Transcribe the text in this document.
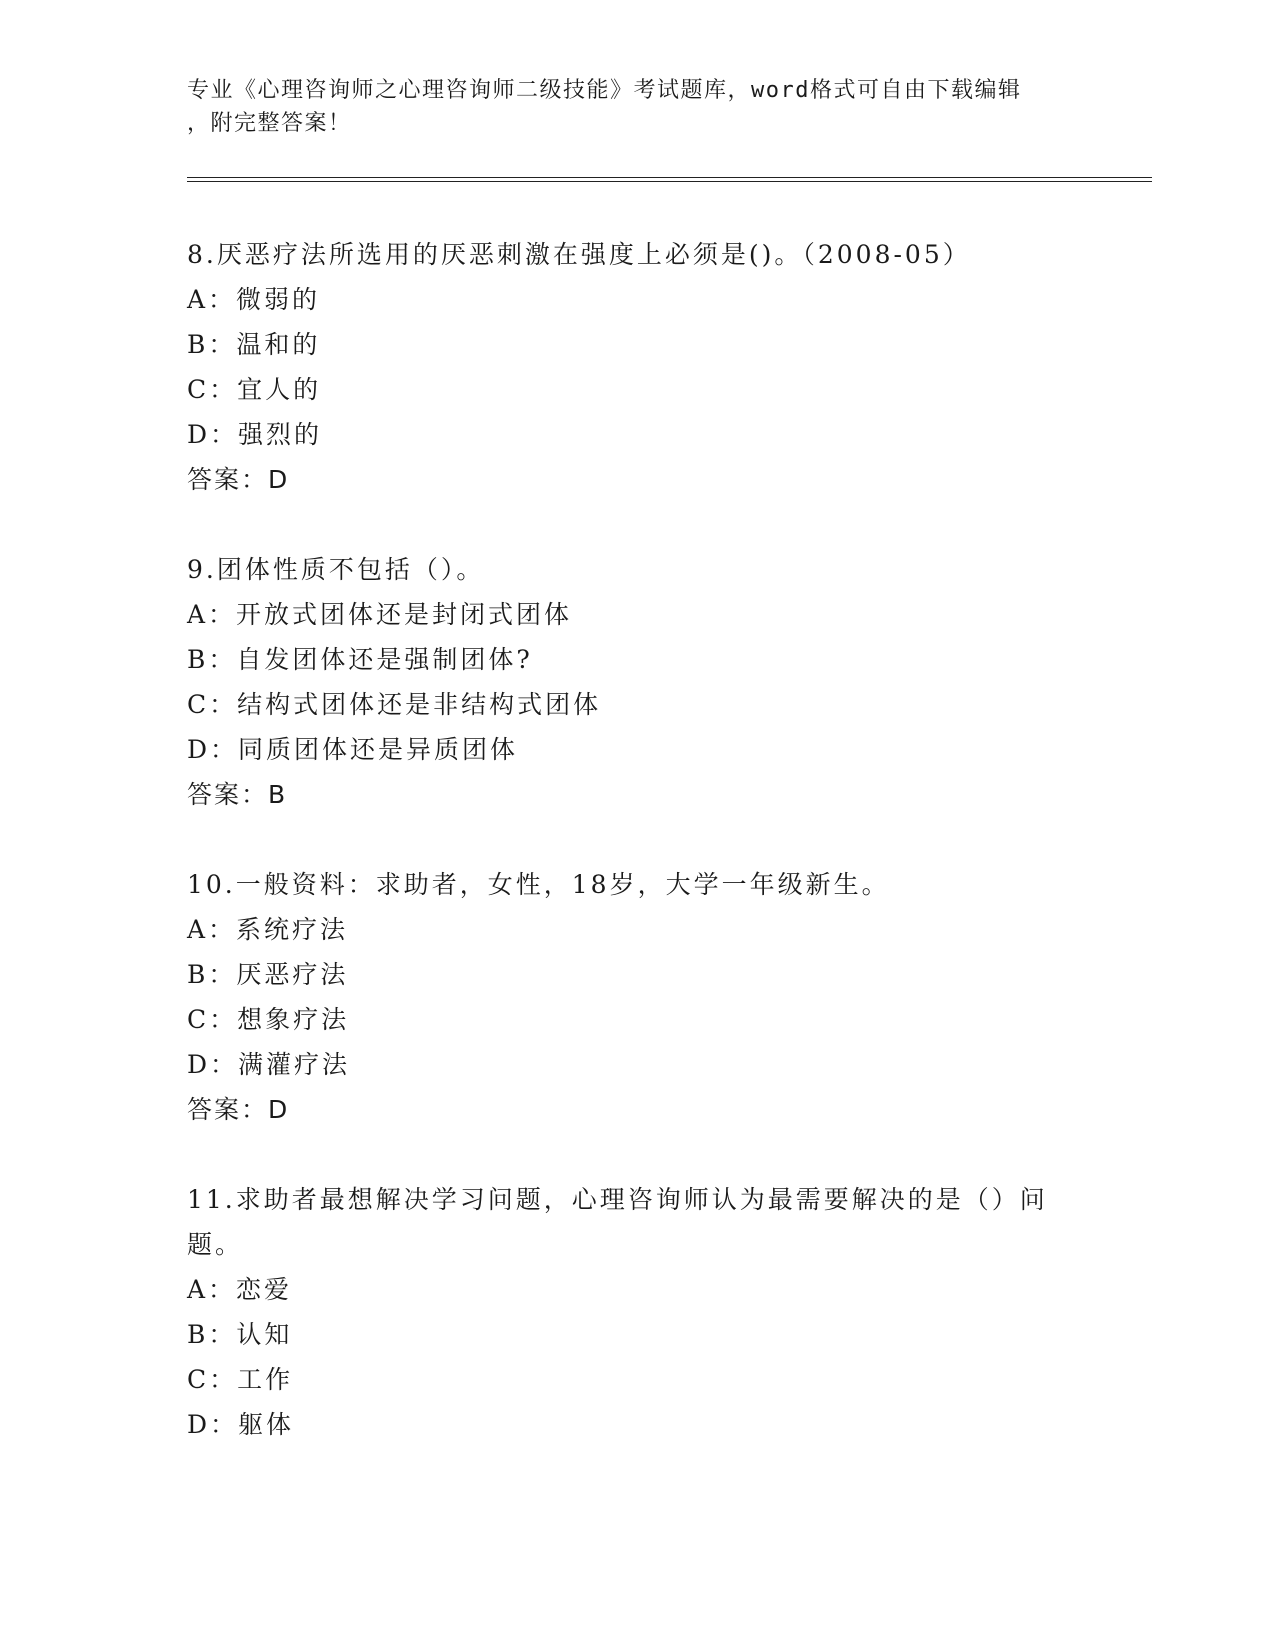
专业《心理咨询师之心理咨询师二级技能》考试题库，word格式可自由下载编辑
，附完整答案！
8.厌恶疗法所选用的厌恶刺激在强度上必须是()。（2008-05）
A：微弱的
B：温和的
C：宜人的
D：强烈的
答案：D
9.团体性质不包括（）。
A：开放式团体还是封闭式团体
B：自发团体还是强制团体?
C：结构式团体还是非结构式团体
D：同质团体还是异质团体
答案：B
10.一般资料：求助者，女性，18岁，大学一年级新生。
A：系统疗法
B：厌恶疗法
C：想象疗法
D：满灌疗法
答案：D
11.求助者最想解决学习问题，心理咨询师认为最需要解决的是（）问
题。
A：恋爱
B：认知
C：工作
D：躯体
